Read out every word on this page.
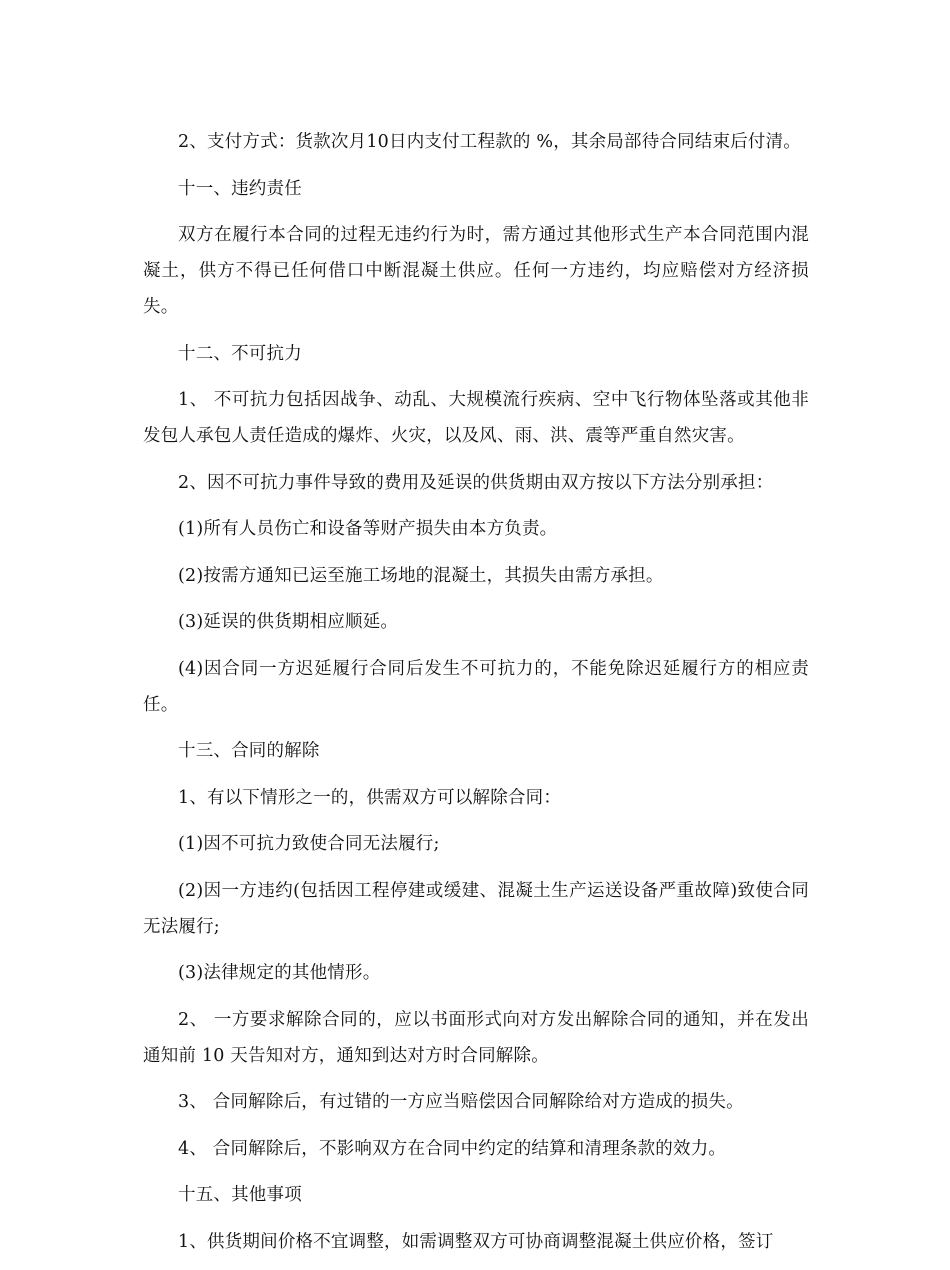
2、支付方式：货款次月10日内支付工程款的 %，其余局部待合同结束后付清。

十一、违约责任

双方在履行本合同的过程无违约行为时，需方通过其他形式生产本合同范围内混凝土，供方不得已任何借口中断混凝土供应。任何一方违约，均应赔偿对方经济损失。

十二、不可抗力

1、 不可抗力包括因战争、动乱、大规模流行疾病、空中飞行物体坠落或其他非发包人承包人责任造成的爆炸、火灾，以及风、雨、洪、震等严重自然灾害。

2、因不可抗力事件导致的费用及延误的供货期由双方按以下方法分别承担：

(1)所有人员伤亡和设备等财产损失由本方负责。

(2)按需方通知已运至施工场地的混凝土，其损失由需方承担。

(3)延误的供货期相应顺延。

(4)因合同一方迟延履行合同后发生不可抗力的，不能免除迟延履行方的相应责任。

十三、合同的解除

1、有以下情形之一的，供需双方可以解除合同：

(1)因不可抗力致使合同无法履行;

(2)因一方违约(包括因工程停建或缓建、混凝土生产运送设备严重故障)致使合同无法履行;

(3)法律规定的其他情形。

2、 一方要求解除合同的，应以书面形式向对方发出解除合同的通知，并在发出通知前 10 天告知对方，通知到达对方时合同解除。

3、 合同解除后，有过错的一方应当赔偿因合同解除给对方造成的损失。

4、 合同解除后，不影响双方在合同中约定的结算和清理条款的效力。

十五、其他事项

1、供货期间价格不宜调整，如需调整双方可协商调整混凝土供应价格，签订
